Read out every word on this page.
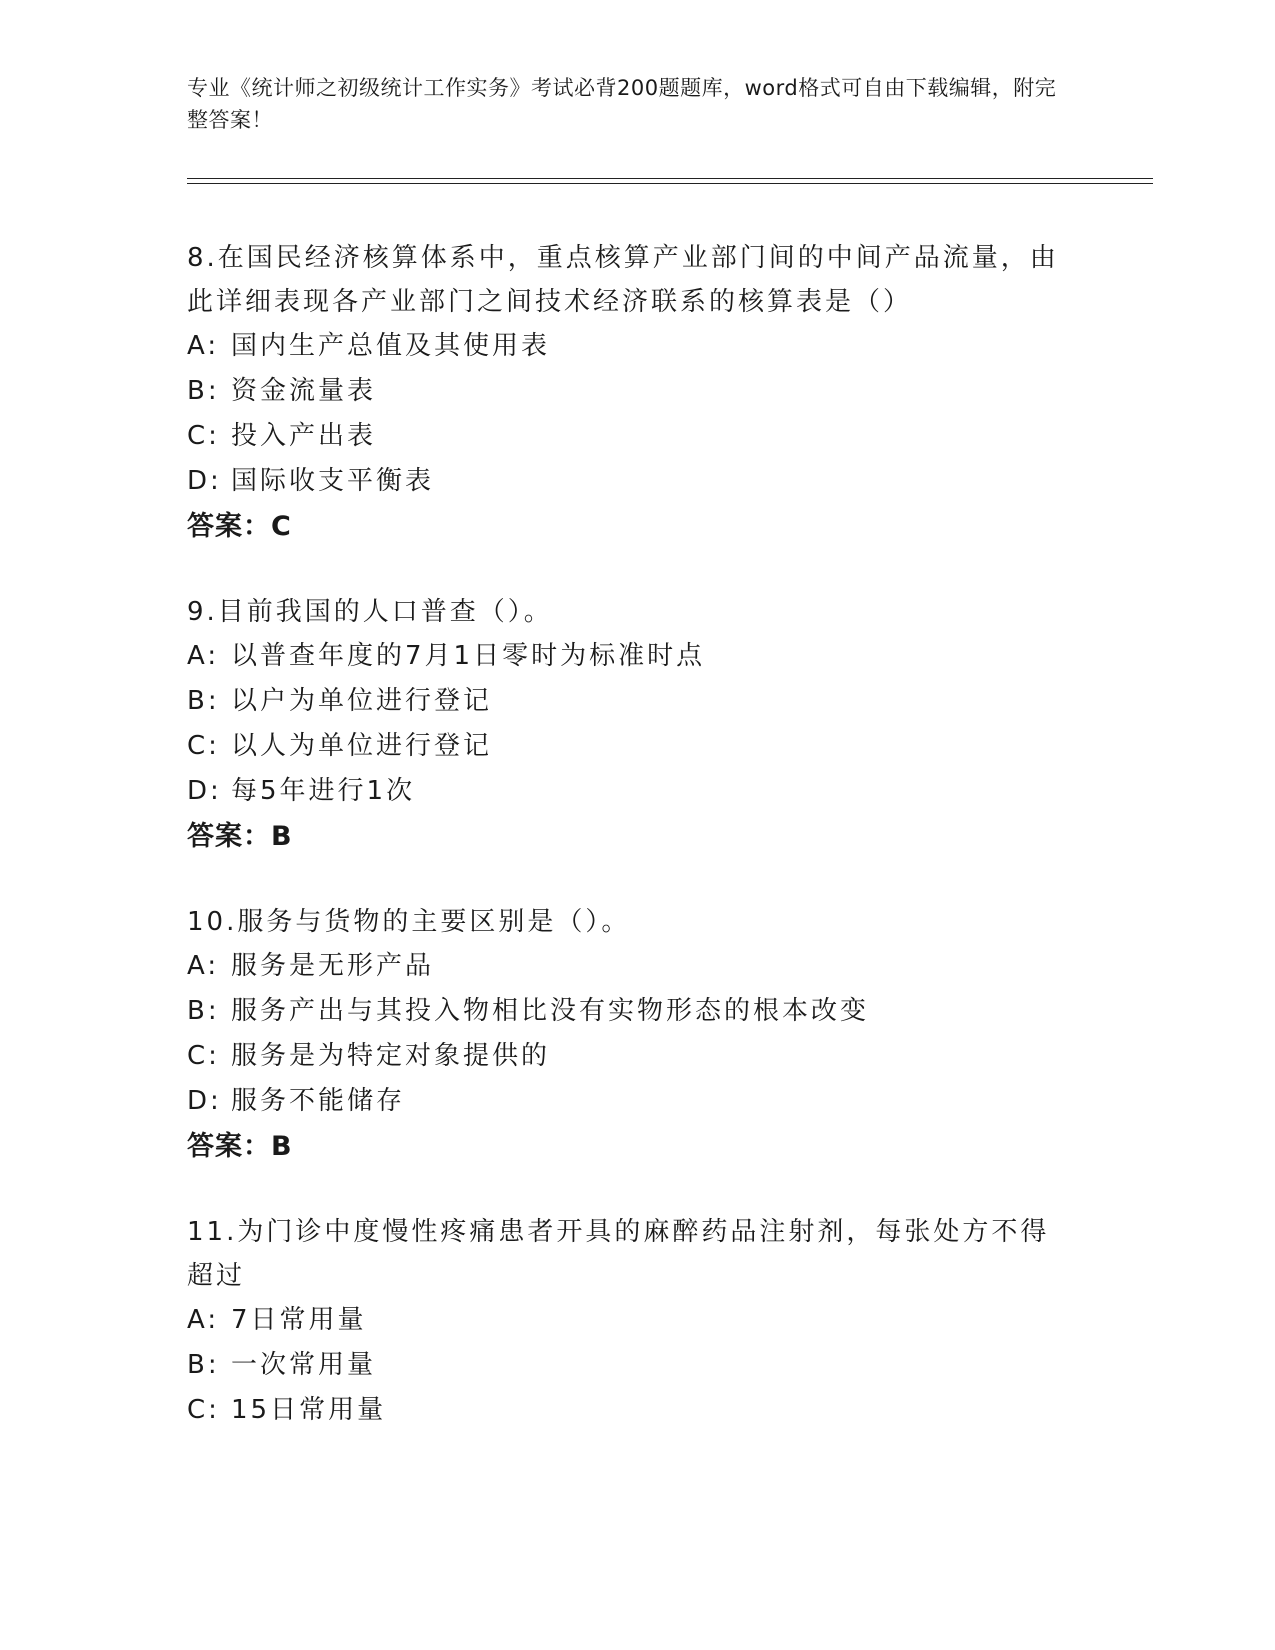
专业《统计师之初级统计工作实务》考试必背200题题库，word格式可自由下载编辑，附完整答案！
8.在国民经济核算体系中，重点核算产业部门间的中间产品流量，由此详细表现各产业部门之间技术经济联系的核算表是（）
A: 国内生产总值及其使用表
B: 资金流量表
C: 投入产出表
D: 国际收支平衡表
答案：C
9.目前我国的人口普查（）。
A: 以普查年度的7月1日零时为标准时点
B: 以户为单位进行登记
C: 以人为单位进行登记
D: 每5年进行1次
答案：B
10.服务与货物的主要区别是（）。
A: 服务是无形产品
B: 服务产出与其投入物相比没有实物形态的根本改变
C: 服务是为特定对象提供的
D: 服务不能储存
答案：B
11.为门诊中度慢性疼痛患者开具的麻醉药品注射剂，每张处方不得超过
A: 7日常用量
B: 一次常用量
C: 15日常用量
